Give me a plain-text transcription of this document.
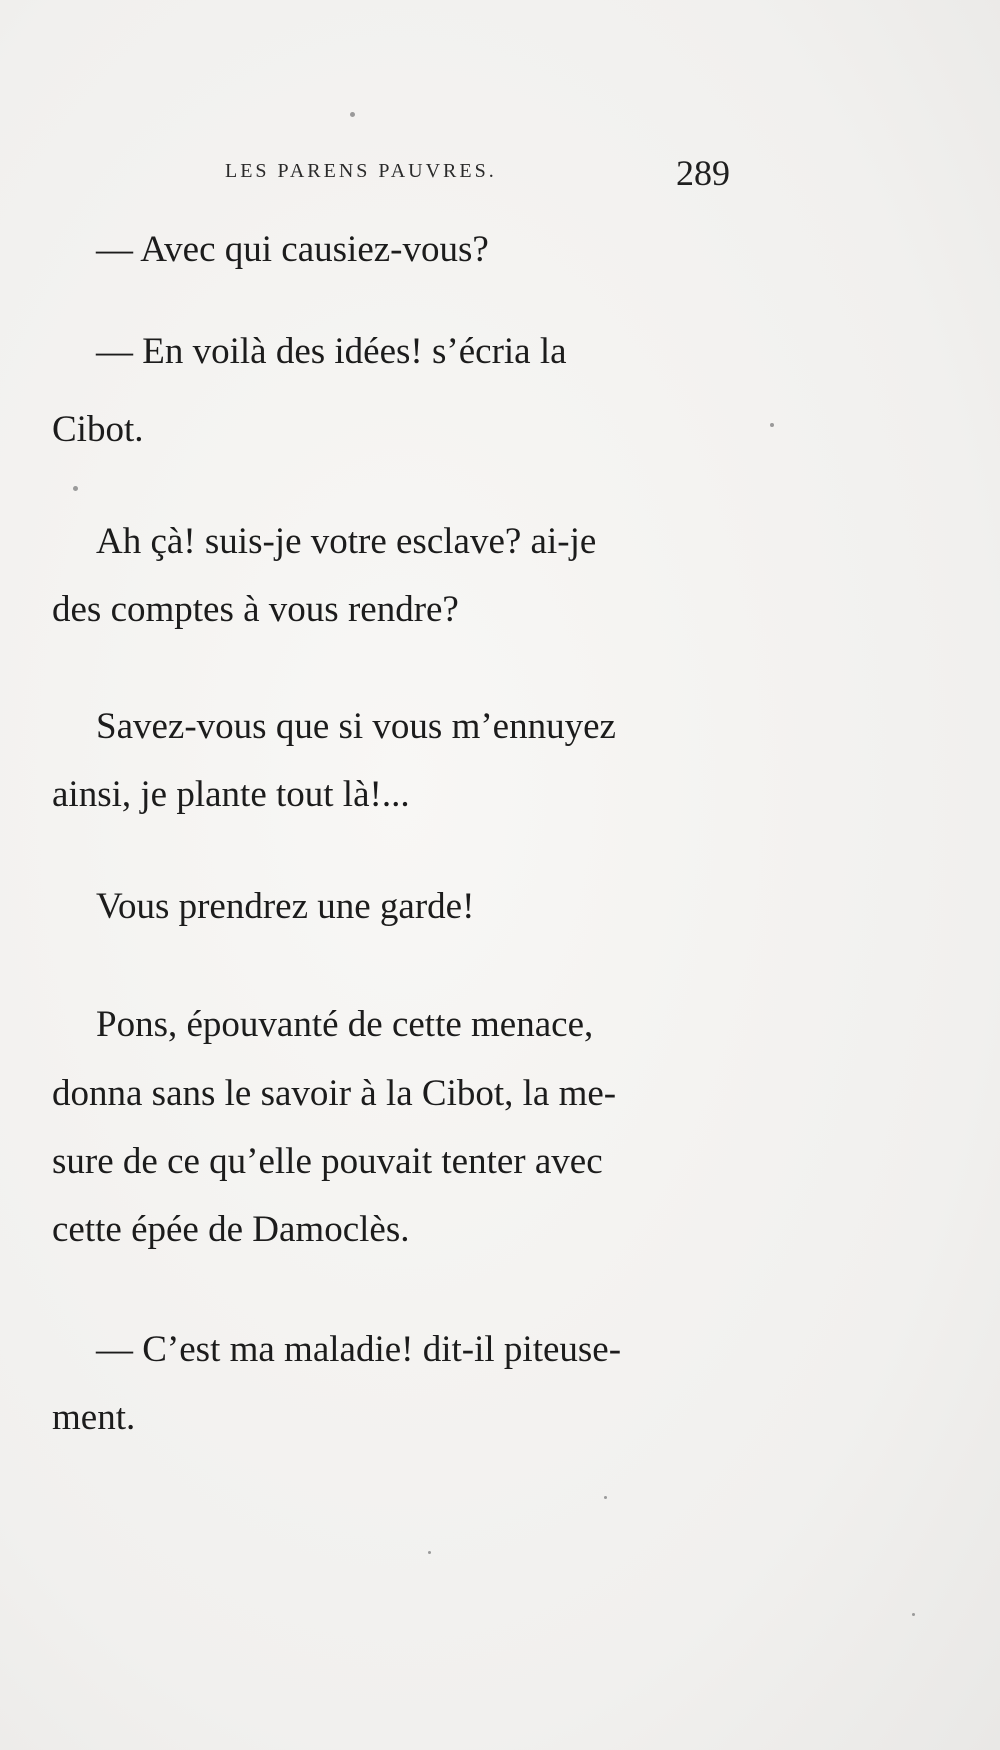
LES PARENS PAUVRES.	289
— Avec qui causiez-vous?
— En voilà des idées! s’écria la
Cibot.
Ah çà! suis-je votre esclave? ai-je
des comptes à vous rendre?
Savez-vous que si vous m’ennuyez
ainsi, je plante tout là!...
Vous prendrez une garde!
Pons, épouvanté de cette menace,
donna sans le savoir à la Cibot, la me-
sure de ce qu’elle pouvait tenter avec
cette épée de Damoclès.
— C’est ma maladie! dit-il piteuse-
ment.
